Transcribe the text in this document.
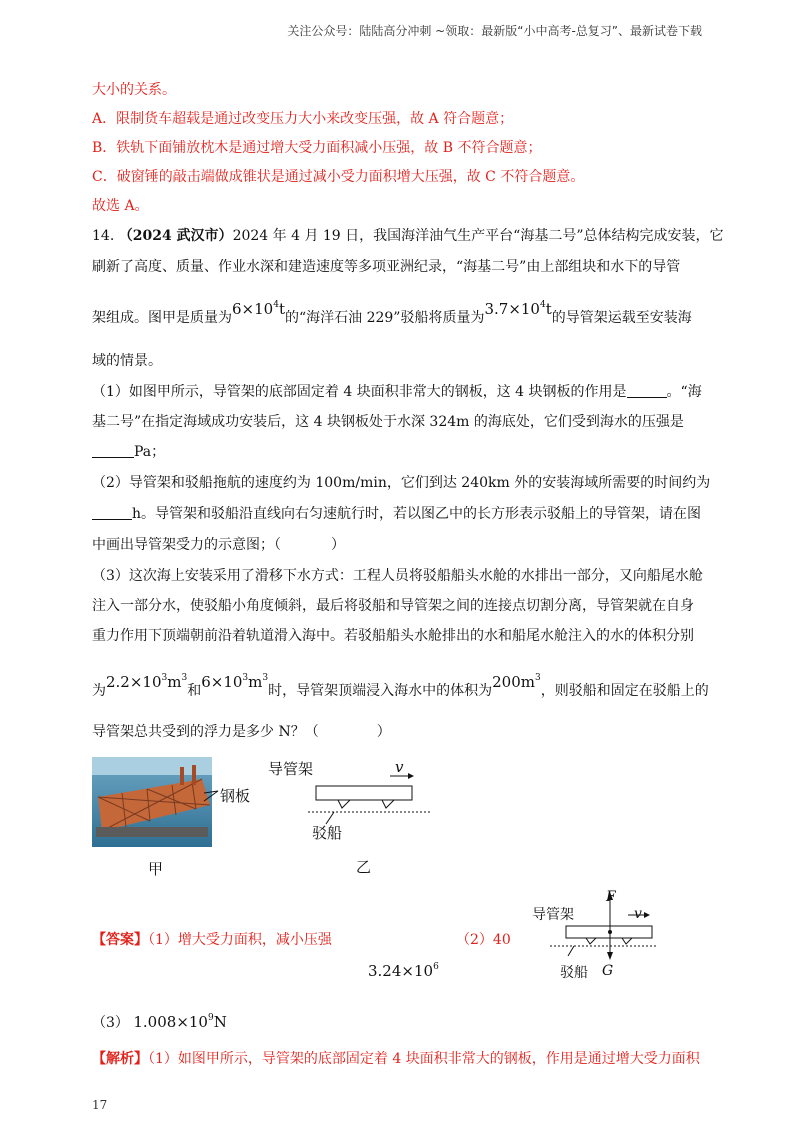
关注公众号：陆陆高分冲刺 ~领取：最新版“小中高考-总复习”、最新试卷下载
大小的关系。
A．限制货车超载是通过改变压力大小来改变压强，故 A 符合题意；
B．铁轨下面铺放枕木是通过增大受力面积减小压强，故 B 不符合题意；
C．破窗锤的敲击端做成锥状是通过减小受力面积增大压强，故 C 不符合题意。
故选 A。
14. （2024 武汉市）2024 年 4 月 19 日，我国海洋油气生产平台“海基二号”总体结构完成安装，它
刷新了高度、质量、作业水深和建造速度等多项亚洲纪录，“海基二号”由上部组块和水下的导管
架组成。图甲是质量为$6\times 10^4t$的“海洋石油 229”驳船将质量为$3.7\times 10^4t$的导管架运载至安装海
域的情景。
（1）如图甲所示，导管架的底部固定着 4 块面积非常大的钢板，这 4 块钢板的作用是	。“海
基二号”在指定海域成功安装后，这 4 块钢板处于水深 324m 的海底处，它们受到海水的压强是
Pa；
（2）导管架和驳船拖航的速度约为 100m/min，它们到达 240km 外的安装海域所需要的时间约为
h。导管架和驳船沿直线向右匀速航行时，若以图乙中的长方形表示驳船上的导管架，请在图
中画出导管架受力的示意图；（	）
（3）这次海上安装采用了滑移下水方式：工程人员将驳船船头水舱的水排出一部分，又向船尾水舱
注入一部分水，使驳船小角度倾斜，最后将驳船和导管架之间的连接点切割分离，导管架就在自身
重力作用下顶端朝前沿着轨道滑入海中。若驳船船头水舱排出的水和船尾水舱注入的水的体积分别
为$2.2\times 10^3m^3$和$6\times 10^3m^3$时，导管架顶端浸入海水中的体积为$200m^3$，则驳船和固定在驳船上的
导管架总共受到的浮力是多少 N？（	）
钢板
甲
导管架	v
驳船
乙
【答案】（1）增大受力面积，减小压强	（2）40
F
v
导管架
驳船 G
$3.24\times 10^6$
（3） $1.008\times 10^9N$
【解析】（1）如图甲所示，导管架的底部固定着 4 块面积非常大的钢板，作用是通过增大受力面积
17
